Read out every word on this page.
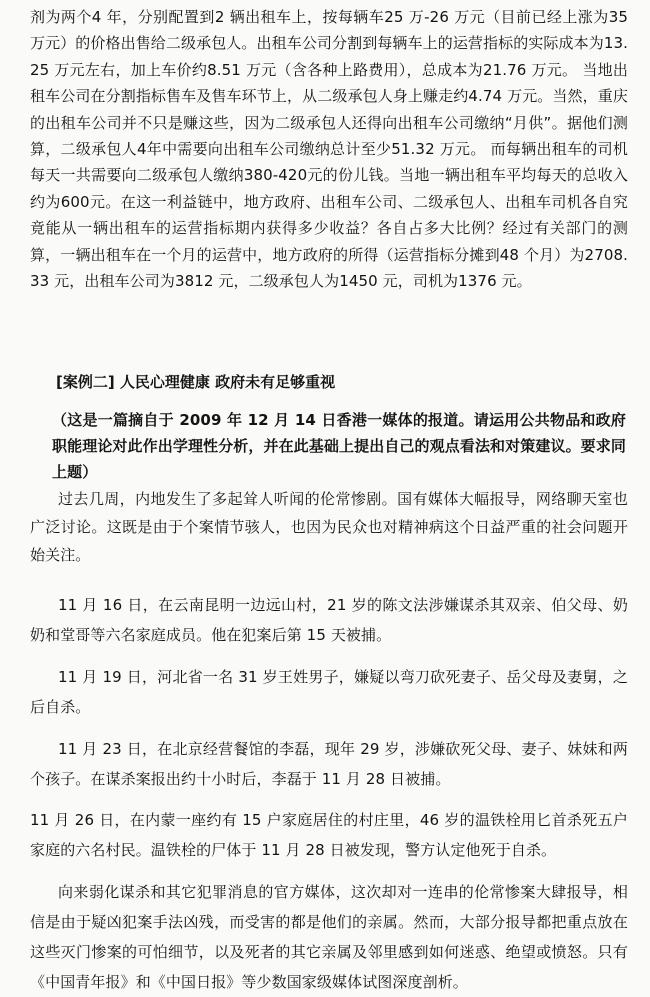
剂为两个4 年，分别配置到2 辆出租车上，按每辆车25 万-26 万元（目前已经上涨为35 万元）的价格出售给二级承包人。出租车公司分割到每辆车上的运营指标的实际成本为13.25 万元左右，加上车价约8.51 万元（含各种上路费用），总成本为21.76 万元。 当地出租车公司在分割指标售车及售车环节上，从二级承包人身上赚走约4.74 万元。当然，重庆的出租车公司并不只是赚这些，因为二级承包人还得向出租车公司缴纳“月供”。据他们测算，二级承包人4年中需要向出租车公司缴纳总计至少51.32 万元。 而每辆出租车的司机每天一共需要向二级承包人缴纳380-420元的份儿钱。当地一辆出租车平均每天的总收入约为600元。在这一利益链中，地方政府、出租车公司、二级承包人、出租车司机各自究竟能从一辆出租车的运营指标期内获得多少收益？各自占多大比例？经过有关部门的测算，一辆出租车在一个月的运营中，地方政府的所得（运营指标分摊到48 个月）为2708.33 元，出租车公司为3812 元，二级承包人为1450 元，司机为1376 元。

[案例二] 人民心理健康 政府未有足够重视

（这是一篇摘自于 2009 年 12 月 14 日香港一媒体的报道。请运用公共物品和政府职能理论对此作出学理性分析，并在此基础上提出自己的观点看法和对策建议。要求同上题）

过去几周，内地发生了多起耸人听闻的伦常惨剧。国有媒体大幅报导，网络聊天室也广泛讨论。这既是由于个案情节骇人，也因为民众也对精神病这个日益严重的社会问题开始关注。

11 月 16 日，在云南昆明一边远山村，21 岁的陈文法涉嫌谋杀其双亲、伯父母、奶奶和堂哥等六名家庭成员。他在犯案后第 15 天被捕。

11 月 19 日，河北省一名 31 岁王姓男子，嫌疑以弯刀砍死妻子、岳父母及妻舅，之后自杀。

11 月 23 日，在北京经营餐馆的李磊，现年 29 岁，涉嫌砍死父母、妻子、妹妹和两个孩子。在谋杀案报出约十小时后，李磊于 11 月 28 日被捕。

11 月 26 日，在内蒙一座约有 15 户家庭居住的村庄里，46 岁的温铁栓用匕首杀死五户家庭的六名村民。温铁栓的尸体于 11 月 28 日被发现，警方认定他死于自杀。

向来弱化谋杀和其它犯罪消息的官方媒体，这次却对一连串的伦常惨案大肆报导，相信是由于疑凶犯案手法凶残，而受害的都是他们的亲属。然而，大部分报导都把重点放在这些灭门惨案的可怕细节，以及死者的其它亲属及邻里感到如何迷惑、绝望或愤怒。只有《中国青年报》和《中国日报》等少数国家级媒体试图深度剖析。
